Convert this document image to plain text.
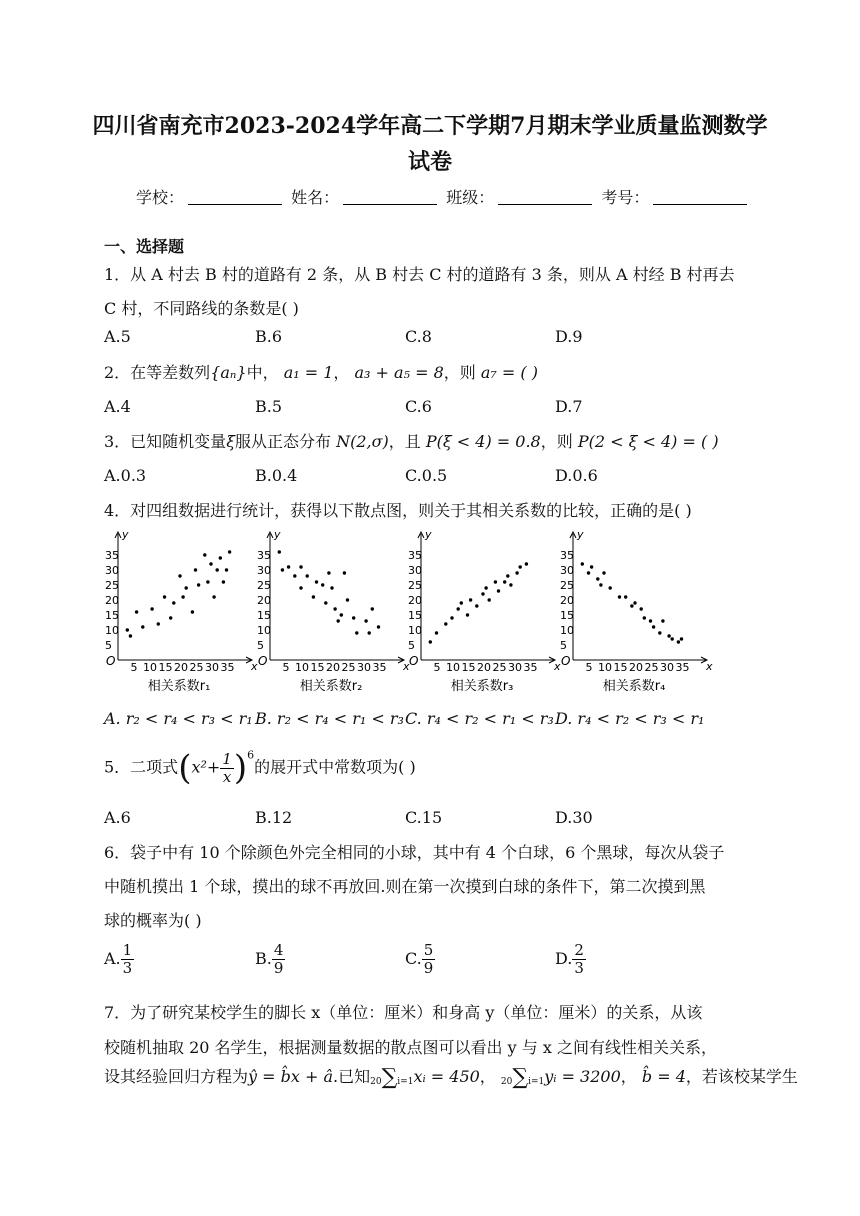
四川省南充市2023-2024学年高二下学期7月期末学业质量监测数学
试卷
学校：	姓名：	班级：	考号：
一、选择题
1．从 A 村去 B 村的道路有 2 条，从 B 村去 C 村的道路有 3 条，则从 A 村经 B 村再去
C 村，不同路线的条数是( )
A.5	B.6	C.8	D.9
2．在等差数列{aₙ}中， a₁ = 1， a₃ + a₅ = 8，则 a₇ = ( )
A.4	B.5	C.6	D.7
3．已知随机变量ξ服从正态分布 N(2,σ)，且 P(ξ < 4) = 0.8，则 P(2 < ξ < 4) = ( )
A.0.3	B.0.4	C.0.5	D.0.6
4．对四组数据进行统计，获得以下散点图，则关于其相关系数的比较，正确的是( )
y
x
O
5
10
15
20
25
30
35
5 10 15 20 25 30 35
相关系数r₁
y
x
O
5
10
15
20
25
30
35
5 10 15 20 25 30 35
相关系数r₂
y
x
O
5
10
15
20
25
30
35
5 10 15 20 25 30 35
相关系数r₃
y
x
O
5
10
15
20
25
30
35
5 10 15 20 25 30 35
相关系数r₄
A. r₂ < r₄ < r₃ < r₁ B. r₂ < r₄ < r₁ < r₃ C. r₄ < r₂ < r₁ < r₃ D. r₄ < r₂ < r₃ < r₁
5．二项式$(x^2+ \frac{1}{x} )^6$的展开式中常数项为( )
A.6	B.12	C.15	D.30
6．袋子中有 10 个除颜色外完全相同的小球，其中有 4 个白球，6 个黑球，每次从袋子
中随机摸出 1 个球，摸出的球不再放回.则在第一次摸到白球的条件下，第二次摸到黑
球的概率为( )
A. $\frac{1}{3}$	B. $\frac{4}{9}$	C. $\frac{5}{9}$	D. $\frac{2}{3}$
7．为了研究某校学生的脚长 x（单位：厘米）和身高 y（单位：厘米）的关系，从该
校随机抽取 20 名学生，根据测量数据的散点图可以看出 y 与 x 之间有线性相关关系，
设其经验回归方程为ŷ = b̂x + â.已知20∑i=1xᵢ = 450， 20∑i=1yᵢ = 3200， b̂ = 4，若该校某学生
